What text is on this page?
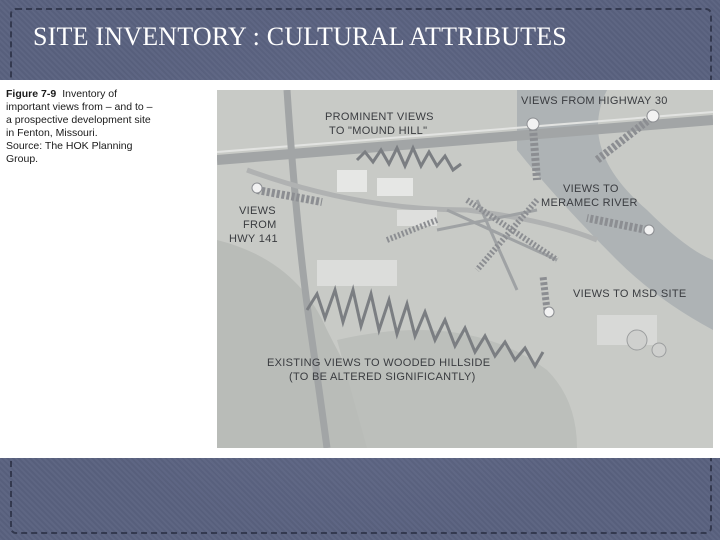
SITE INVENTORY : CULTURAL ATTRIBUTES
Figure 7-9 Inventory of
important views from – and to –
a prospective development site
in Fenton, Missouri.
Source: The HOK Planning
Group.
PROMINENT VIEWS
TO "MOUND HILL"
VIEWS FROM HIGHWAY 30
VIEWS TO
MERAMEC RIVER
VIEWS
FROM
HWY 141
VIEWS TO MSD SITE
EXISTING VIEWS TO WOODED HILLSIDE
(TO BE ALTERED SIGNIFICANTLY)
